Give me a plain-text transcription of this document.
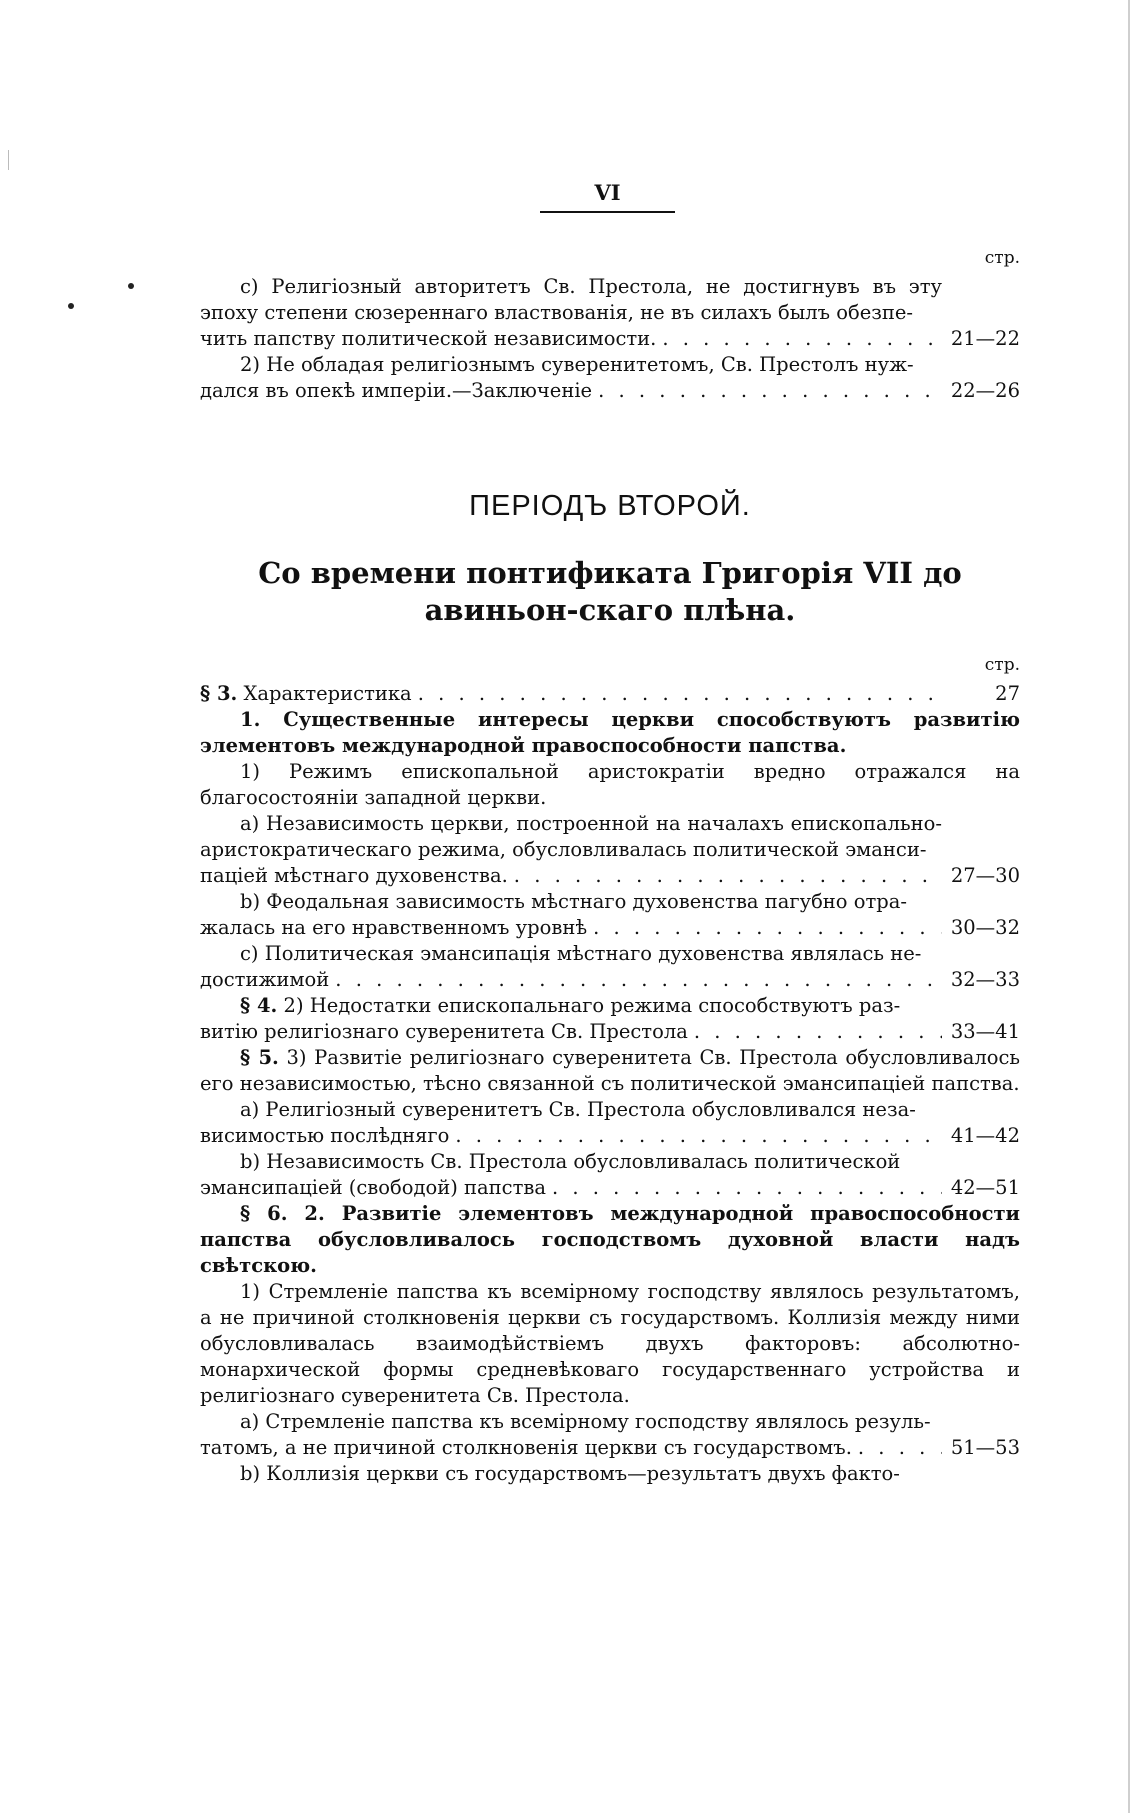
VI
стр.
c) Религіозный авторитетъ Св. Престола, не достигнувъ въ эту эпоху степени сюзереннаго властвованія, не въ силахъ былъ обезпе-
чить папству политической независимости. . . .	21—22
2) Не обладая религіознымъ суверенитетомъ, Св. Престолъ нуж-
дался въ опекѣ имперіи.—Заключеніе . . .	22—26
ПЕРІОДЪ ВТОРОЙ.
Со времени понтификата Григорія VII до авиньон-скаго плѣна.
стр.
§ 3. Характеристика . . .	27
1. Существенные интересы церкви способствуютъ развитію элементовъ международной правоспособности папства.
1) Режимъ епископальной аристократіи вредно отражался на благосостояніи западной церкви.
a) Независимость церкви, построенной на началахъ епископально-аристократическаго режима, обусловливалась политической эманси-
паціей мѣстнаго духовенства. . . .	27—30
b) Феодальная зависимость мѣстнаго духовенства пагубно отра-
жалась на его нравственномъ уровнѣ . . .	30—32
c) Политическая эмансипація мѣстнаго духовенства являлась не-
достижимой . . .	32—33
§ 4. 2) Недостатки епископальнаго режима способствуютъ раз-
витію религіознаго суверенитета Св. Престола . . .	33—41
§ 5. 3) Развитіе религіознаго суверенитета Св. Престола обусловливалось его независимостью, тѣсно связанной съ политической эмансипаціей папства.
a) Религіозный суверенитетъ Св. Престола обусловливался неза-
висимостью послѣдняго . . .	41—42
b) Независимость Св. Престола обусловливалась политической
эмансипаціей (свободой) папства . . .	42—51
§ 6. 2. Развитіе элементовъ международной правоспособности папства обусловливалось господствомъ духовной власти надъ свѣтскою.
1) Стремленіе папства къ всемірному господству являлось результатомъ, а не причиной столкновенія церкви съ государствомъ. Коллизія между ними обусловливалась взаимодѣйствіемъ двухъ факторовъ: абсолютно-монархической формы средневѣковаго государственнаго устройства и религіознаго суверенитета Св. Престола.
a) Стремленіе папства къ всемірному господству являлось резуль-
татомъ, а не причиной столкновенія церкви съ государствомъ. . . .	51—53
b) Коллизія церкви съ государствомъ—результатъ двухъ факто-
